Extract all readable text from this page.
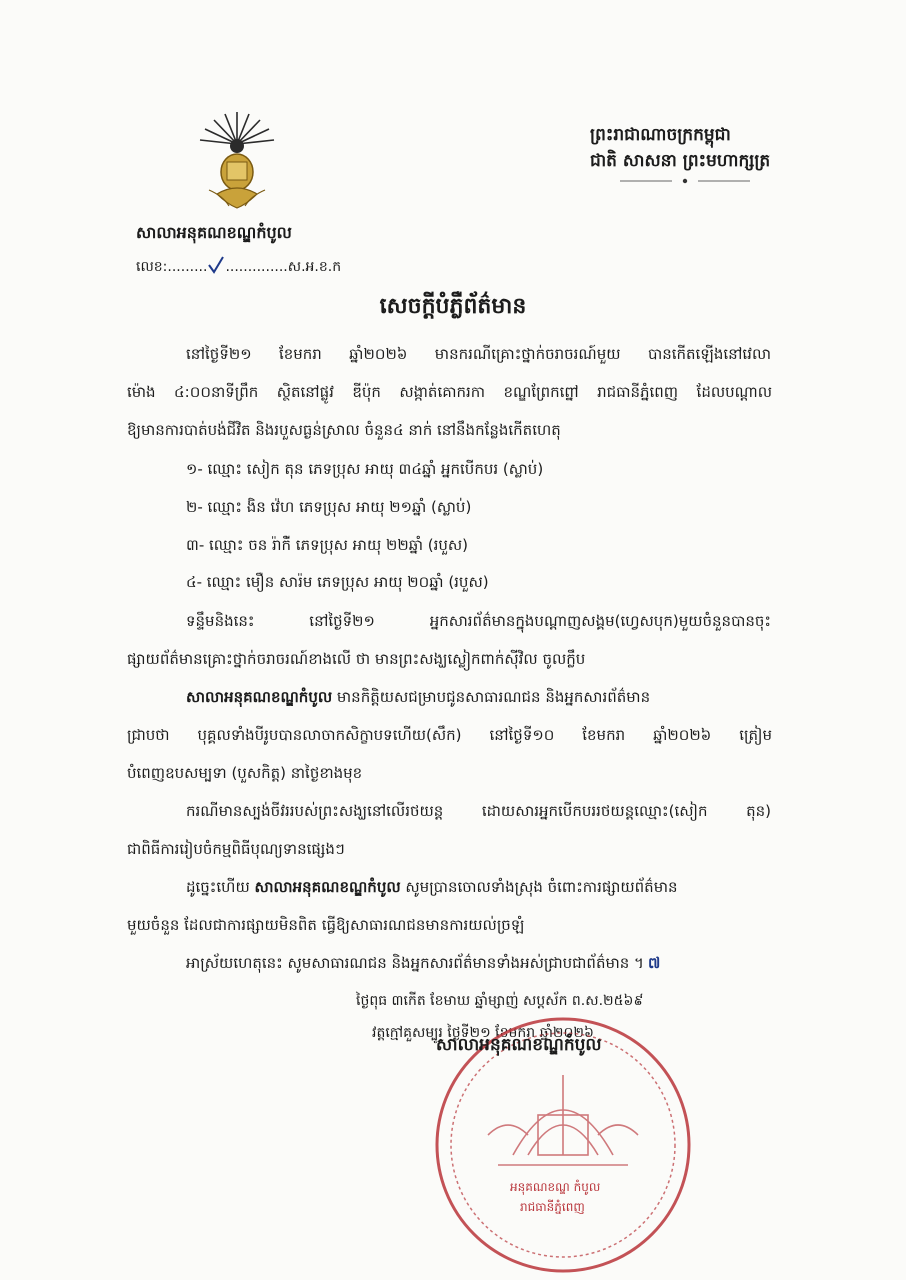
ព្រះរាជាណាចក្រកម្ពុជា
ជាតិ សាសនា ព្រះមហាក្សត្រ
សាលាអនុគណខណ្ឌកំបូល
លេខ:......... ..............ស.អ.ខ.ក
សេចក្តីបំភ្លឺព័ត៌មាន
នៅថ្ងៃទី២១ ខែមករា ឆ្នាំ២០២៦ មានករណីគ្រោះថ្នាក់ចរាចរណ៍មួយ បានកើតឡើងនៅវេលា
ម៉ោង ៤:០០នាទីព្រឹក ស្ថិតនៅផ្លូវ ឌីប៉ុក សង្កាត់គោករកា ខណ្ឌព្រែកព្នៅ រាជធានីភ្នំពេញ ដែលបណ្តាល
ឱ្យមានការបាត់បង់ជីវិត និងរបួសធ្ងន់ស្រាល ចំនួន៤ នាក់ នៅនឹងកន្លែងកើតហេតុ
១- ឈ្មោះ សៀក តុន ភេទប្រុស អាយុ ៣៤ឆ្នាំ អ្នកបើកបរ (ស្លាប់)
២- ឈ្មោះ ងិន វ៉េហ ភេទប្រុស អាយុ ២១ឆ្នាំ (ស្លាប់)
៣- ឈ្មោះ ចន រ៉ាក់ី ភេទប្រុស អាយុ ២២ឆ្នាំ (របួស)
៤- ឈ្មោះ មឿន សារ៉ម ភេទប្រុស អាយុ ២០ឆ្នាំ (របួស)
ទន្ទឹមនិងនេះ នៅថ្ងៃទី២១ អ្នកសារព័ត៌មានក្នុងបណ្តាញសង្គម(ហ្វេសបុក)មួយចំនួនបានចុះ
ផ្សាយព័ត៌មានគ្រោះថ្នាក់ចរាចរណ៍ខាងលើ ថា មានព្រះសង្ឃស្លៀកពាក់ស៊ីវិល ចូលក្លឹប
សាលាអនុគណខណ្ឌកំបូល មានកិត្តិយសជម្រាបជូនសាធារណជន និងអ្នកសារព័ត៌មាន
ជ្រាបថា បុគ្គលទាំងបីរូបបានលាចាកសិក្ខាបទហើយ(សឹក) នៅថ្ងៃទី១០ ខែមករា ឆ្នាំ២០២៦ ត្រៀម
បំពេញឧបសម្បទា (បួសកិត្ត) នាថ្ងៃខាងមុខ
ករណីមានស្បង់ចីវររបស់ព្រះសង្ឃនៅលើរថយន្ត ដោយសារអ្នកបើកបររថយន្តឈ្មោះ(សៀក តុន)
ជាពិធីការរៀបចំកម្មពិធីបុណ្យទានផ្សេងៗ
ដូច្នេះហើយ សាលាអនុគណខណ្ឌកំបូល សូមប្រានចោលទាំងស្រុង ចំពោះការផ្សាយព័ត៌មាន
មួយចំនួន ដែលជាការផ្សាយមិនពិត ធ្វើឱ្យសាធារណជនមានការយល់ច្រឡំ
អាស្រ័យហេតុនេះ សូមសាធារណជន និងអ្នកសារព័ត៌មានទាំងអស់ជ្រាបជាព័ត៌មាន ។ ៧
ថ្ងៃពុធ ៣កើត ខែមាឃ ឆ្នាំម្សាញ់ សប្តស័ក ព.ស.២៥៦៩
វត្តក្មៅគួសម្បូរ ថ្ងៃទី២១ ខែមករា ឆ្នាំ២០២៦
សាលាអនុគណខណ្ឌកំបូល
អនុគណខណ្ឌ កំបូល
រាជធានីភ្នំពេញ
